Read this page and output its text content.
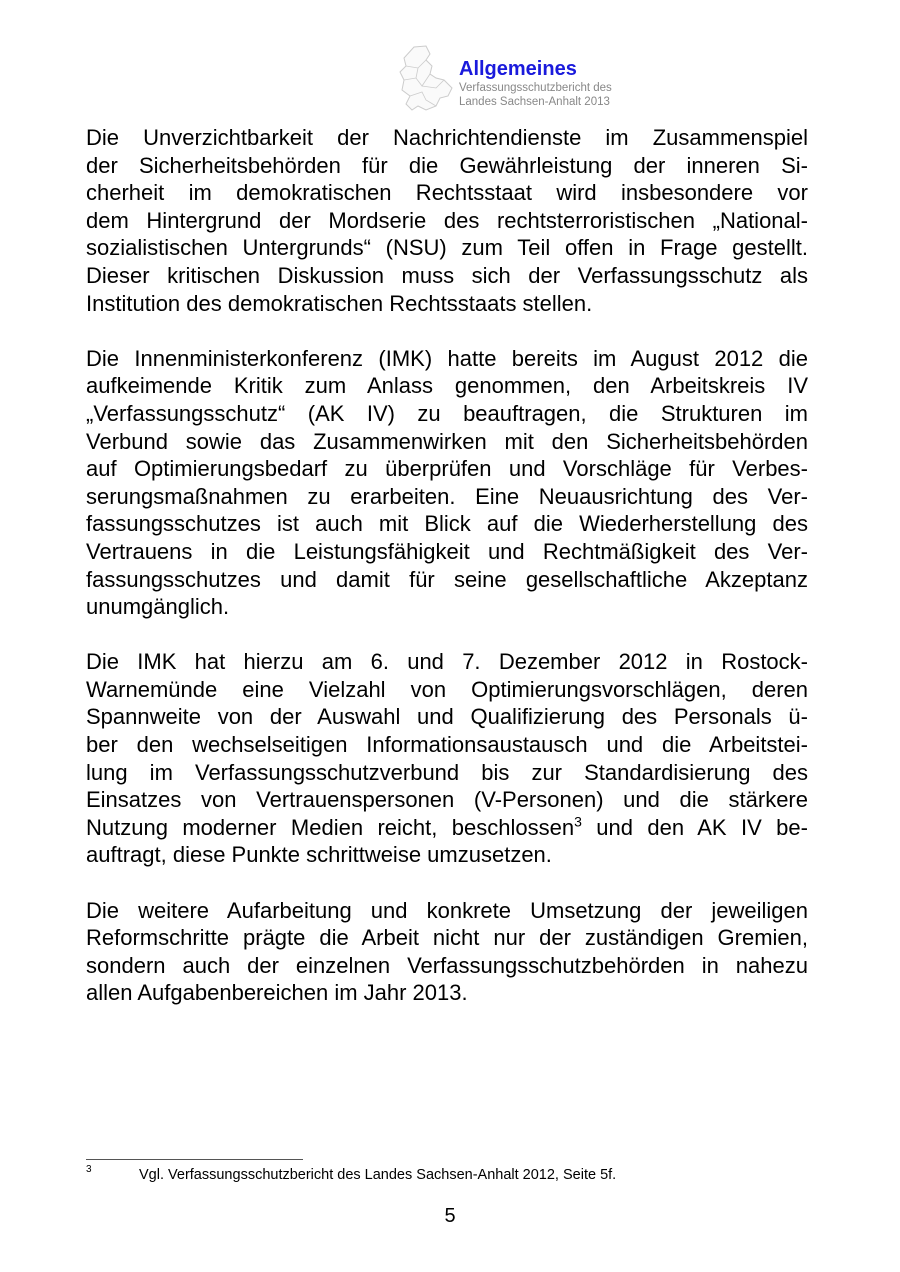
Allgemeines
Verfassungsschutzbericht des
Landes Sachsen-Anhalt 2013
Die Unverzichtbarkeit der Nachrichtendienste im Zusammenspiel
der Sicherheitsbehörden für die Gewährleistung der inneren Si-
cherheit im demokratischen Rechtsstaat wird insbesondere vor
dem Hintergrund der Mordserie des rechtsterroristischen „National-
sozialistischen Untergrunds“ (NSU) zum Teil offen in Frage gestellt.
Dieser kritischen Diskussion muss sich der Verfassungsschutz als
Institution des demokratischen Rechtsstaats stellen.
Die Innenministerkonferenz (IMK) hatte bereits im August 2012 die
aufkeimende Kritik zum Anlass genommen, den Arbeitskreis IV
„Verfassungsschutz“ (AK IV) zu beauftragen, die Strukturen im
Verbund sowie das Zusammenwirken mit den Sicherheitsbehörden
auf Optimierungsbedarf zu überprüfen und Vorschläge für Verbes-
serungsmaßnahmen zu erarbeiten. Eine Neuausrichtung des Ver-
fassungsschutzes ist auch mit Blick auf die Wiederherstellung des
Vertrauens in die Leistungsfähigkeit und Rechtmäßigkeit des Ver-
fassungsschutzes und damit für seine gesellschaftliche Akzeptanz
unumgänglich.
Die IMK hat hierzu am 6. und 7. Dezember 2012 in Rostock-
Warnemünde eine Vielzahl von Optimierungsvorschlägen, deren
Spannweite von der Auswahl und Qualifizierung des Personals ü-
ber den wechselseitigen Informationsaustausch und die Arbeitstei-
lung im Verfassungsschutzverbund bis zur Standardisierung des
Einsatzes von Vertrauenspersonen (V-Personen) und die stärkere
Nutzung moderner Medien reicht, beschlossen$^3$ und den AK IV be-
auftragt, diese Punkte schrittweise umzusetzen.
Die weitere Aufarbeitung und konkrete Umsetzung der jeweiligen
Reformschritte prägte die Arbeit nicht nur der zuständigen Gremien,
sondern auch der einzelnen Verfassungsschutzbehörden in nahezu
allen Aufgabenbereichen im Jahr 2013.
3	Vgl. Verfassungsschutzbericht des Landes Sachsen-Anhalt 2012, Seite 5f.
5
